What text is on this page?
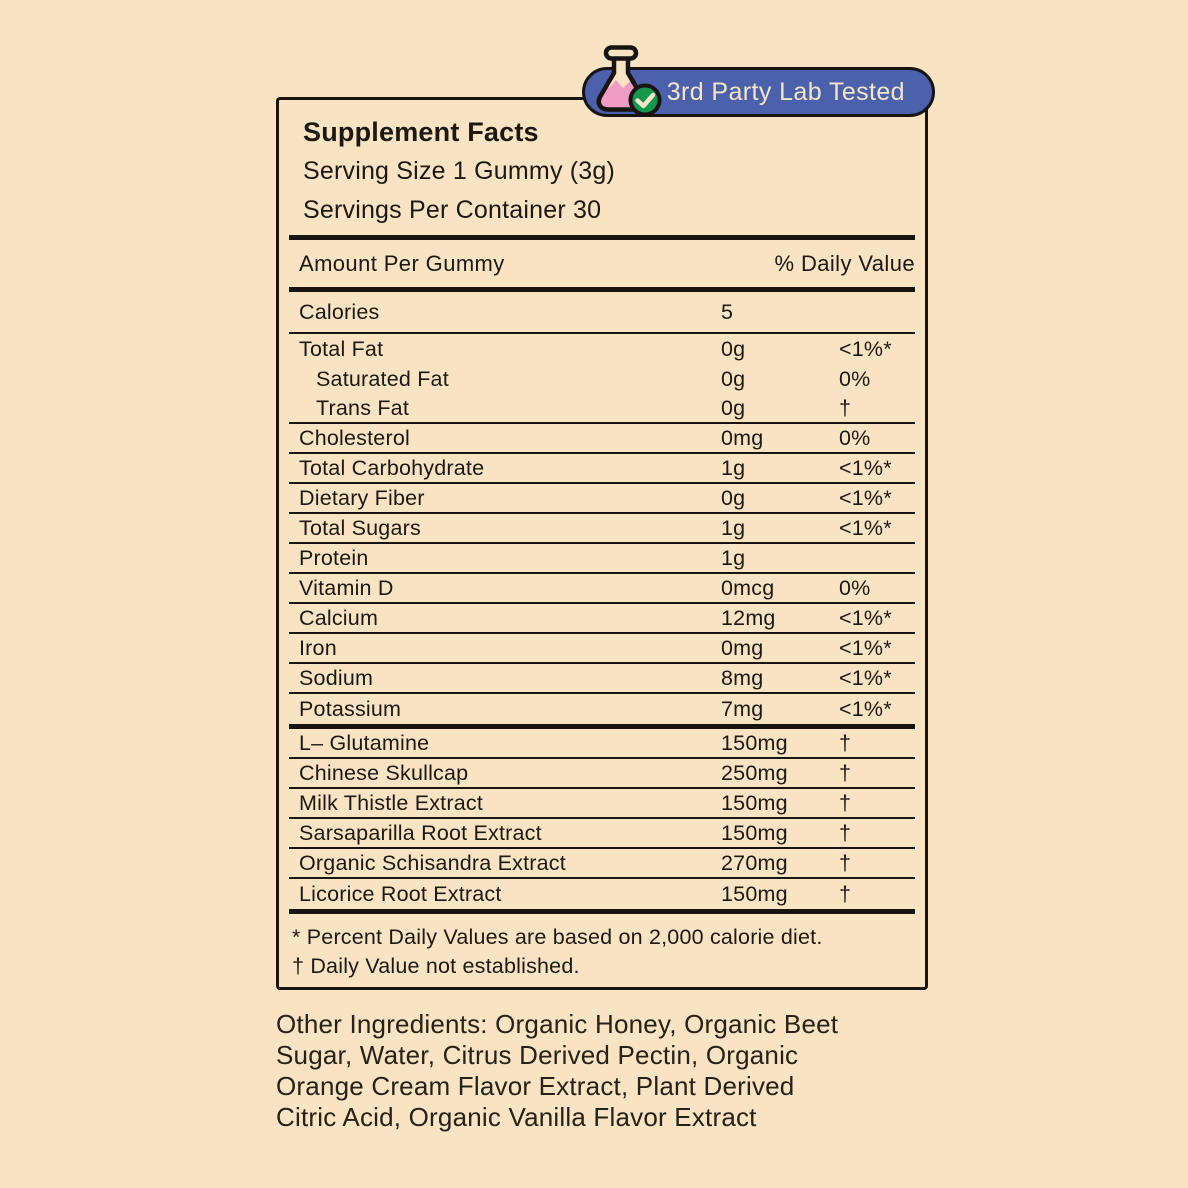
Supplement Facts
Serving Size 1 Gummy (3g)
Servings Per Container 30
Amount Per Gummy	% Daily Value
Calories	5
Total Fat	0g	<1%*
Saturated Fat	0g	0%
Trans Fat	0g	†
Cholesterol	0mg	0%
Total Carbohydrate	1g	<1%*
Dietary Fiber	0g	<1%*
Total Sugars	1g	<1%*
Protein	1g
Vitamin D	0mcg	0%
Calcium	12mg	<1%*
Iron	0mg	<1%*
Sodium	8mg	<1%*
Potassium	7mg	<1%*
L– Glutamine	150mg	†
Chinese Skullcap	250mg	†
Milk Thistle Extract	150mg	†
Sarsaparilla Root Extract	150mg	†
Organic Schisandra Extract	270mg	†
Licorice Root Extract	150mg	†
* Percent Daily Values are based on 2,000 calorie diet.
† Daily Value not established.
3rd Party Lab Tested
Other Ingredients: Organic Honey, Organic Beet
Sugar, Water, Citrus Derived Pectin, Organic
Orange Cream Flavor Extract, Plant Derived
Citric Acid, Organic Vanilla Flavor Extract
